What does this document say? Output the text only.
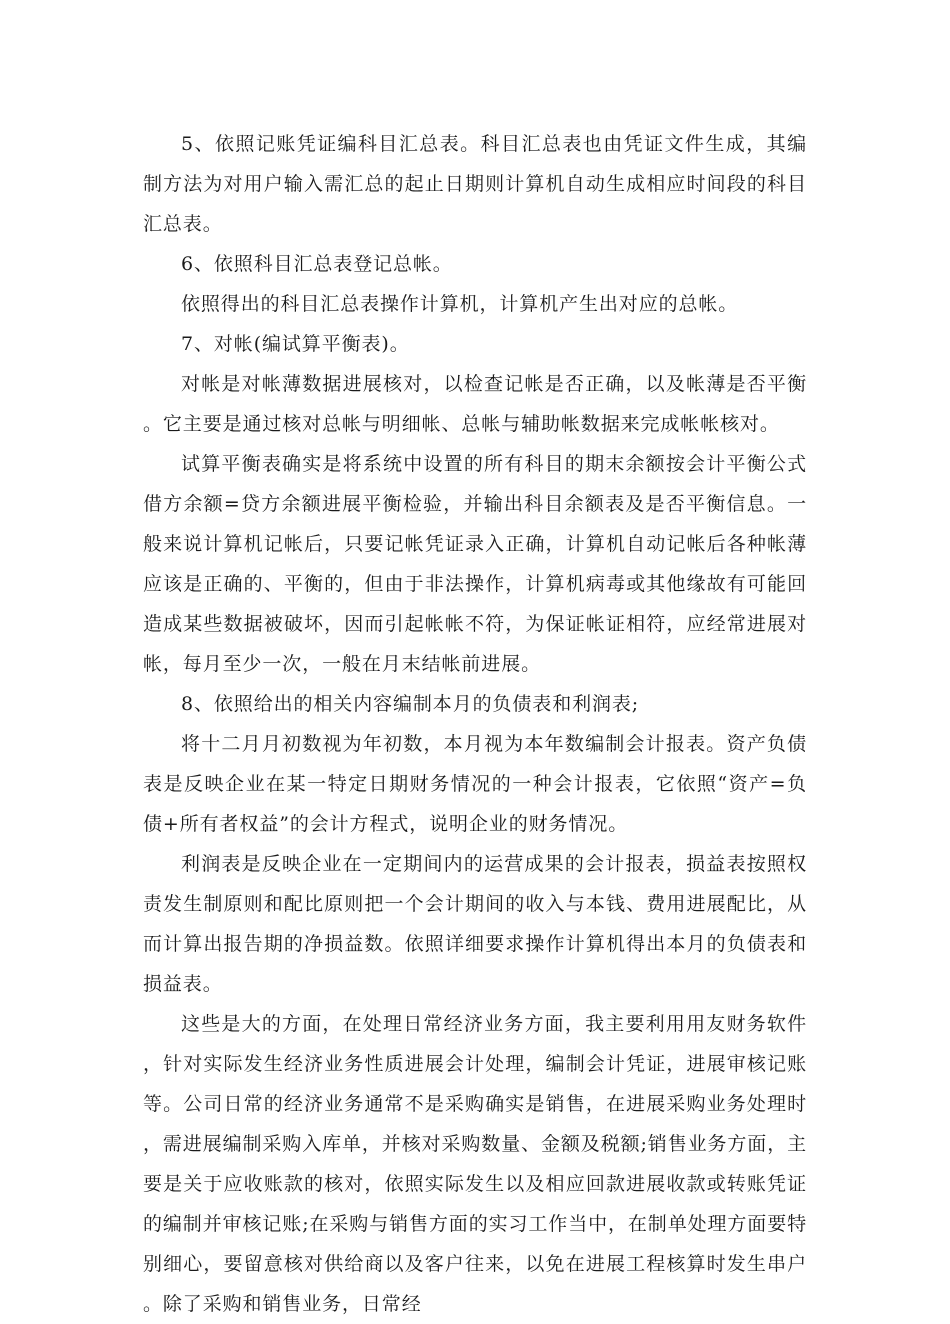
5、依照记账凭证编科目汇总表。科目汇总表也由凭证文件生成，其编制方法为对用户输入需汇总的起止日期则计算机自动生成相应时间段的科目汇总表。

6、依照科目汇总表登记总帐。

依照得出的科目汇总表操作计算机，计算机产生出对应的总帐。

7、对帐(编试算平衡表)。

对帐是对帐薄数据进展核对，以检查记帐是否正确，以及帐薄是否平衡。它主要是通过核对总帐与明细帐、总帐与辅助帐数据来完成帐帐核对。

试算平衡表确实是将系统中设置的所有科目的期末余额按会计平衡公式借方余额=贷方余额进展平衡检验，并输出科目余额表及是否平衡信息。一般来说计算机记帐后，只要记帐凭证录入正确，计算机自动记帐后各种帐薄应该是正确的、平衡的，但由于非法操作，计算机病毒或其他缘故有可能回造成某些数据被破坏，因而引起帐帐不符，为保证帐证相符，应经常进展对帐，每月至少一次，一般在月末结帐前进展。

8、依照给出的相关内容编制本月的负债表和利润表;

将十二月月初数视为年初数，本月视为本年数编制会计报表。资产负债表是反映企业在某一特定日期财务情况的一种会计报表，它依照“资产=负债+所有者权益”的会计方程式，说明企业的财务情况。

利润表是反映企业在一定期间内的运营成果的会计报表，损益表按照权责发生制原则和配比原则把一个会计期间的收入与本钱、费用进展配比，从而计算出报告期的净损益数。依照详细要求操作计算机得出本月的负债表和损益表。

这些是大的方面，在处理日常经济业务方面，我主要利用用友财务软件，针对实际发生经济业务性质进展会计处理，编制会计凭证，进展审核记账等。公司日常的经济业务通常不是采购确实是销售，在进展采购业务处理时，需进展编制采购入库单，并核对采购数量、金额及税额;销售业务方面，主要是关于应收账款的核对，依照实际发生以及相应回款进展收款或转账凭证的编制并审核记账;在采购与销售方面的实习工作当中，在制单处理方面要特别细心，要留意核对供给商以及客户往来，以免在进展工程核算时发生串户。除了采购和销售业务，日常经
